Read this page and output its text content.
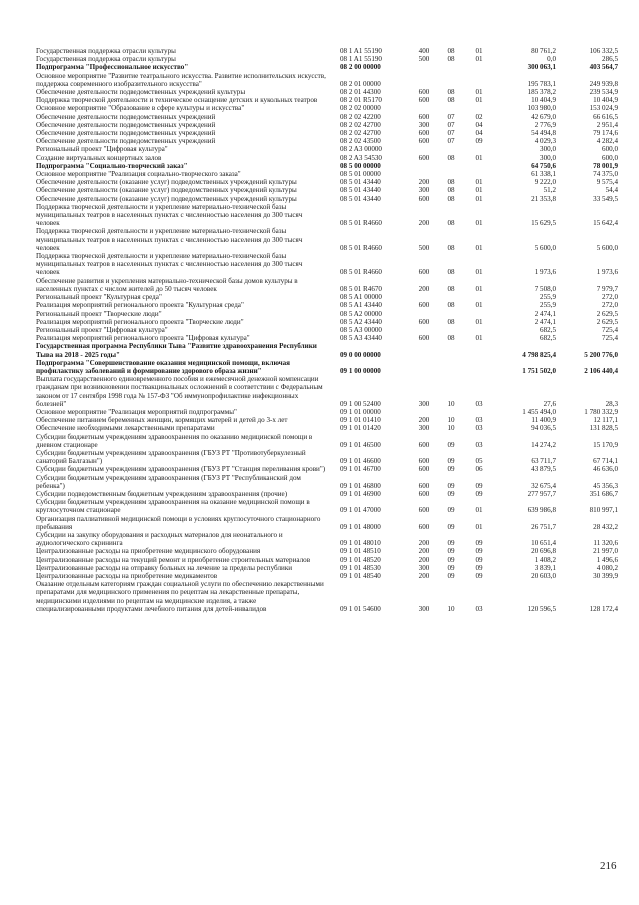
Государственная поддержка отрасли культуры	08 1 A1 55190	400	08	01	80 761,2	106 332,5
Государственная поддержка отрасли культуры	08 1 A1 55190	500	08	01	0,0	286,5
Подпрограмма "Профессиональное искусство"	08 2 00 00000				300 063,1	403 564,7
Основное мероприятие "Развитие театрального искусства. Развитие исполнительских искусств, поддержка современного изобразительного искусства"	08 2 01 00000				195 783,1	249 939,8
Обеспечение деятельности подведомственных учреждений культуры	08 2 01 44300	600	08	01	185 378,2	239 534,9
Поддержка творческой деятельности и техническое оснащение детских и кукольных театров	08 2 01 R5170	600	08	01	10 404,9	10 404,9
Основное мероприятие "Образование в сфере культуры и искусства"	08 2 02 00000				103 980,0	153 024,9
Обеспечение деятельности подведомственных учреждений	08 2 02 42200	600	07	02	42 679,0	66 616,5
Обеспечение деятельности подведомственных учреждений	08 2 02 42700	300	07	04	2 776,9	2 951,4
Обеспечение деятельности подведомственных учреждений	08 2 02 42700	600	07	04	54 494,8	79 174,6
Обеспечение деятельности подведомственных учреждений	08 2 02 43500	600	07	09	4 029,3	4 282,4
Региональный проект "Цифровая культура"	08 2 A3 00000				300,0	600,0
Создание виртуальных концертных залов	08 2 A3 54530	600	08	01	300,0	600,0
Подпрограмма "Социально-творческий заказ"	08 5 00 00000				64 750,6	78 001,9
Основное мероприятие "Реализация социально-творческого заказа"	08 5 01 00000				61 338,1	74 375,0
Обеспечение деятельности (оказание услуг) подведомственных учреждений культуры	08 5 01 43440	200	08	01	9 222,0	9 575,4
Обеспечение деятельности (оказание услуг) подведомственных учреждений культуры	08 5 01 43440	300	08	01	51,2	54,4
Обеспечение деятельности (оказание услуг) подведомственных учреждений культуры	08 5 01 43440	600	08	01	21 353,8	33 549,5
Поддержка творческой деятельности и укрепление материально-технической базы муниципальных театров в населенных пунктах с численностью населения до 300 тысяч человек	08 5 01 R4660	200	08	01	15 629,5	15 642,4
Поддержка творческой деятельности и укрепление материально-технической базы муниципальных театров в населенных пунктах с численностью населения до 300 тысяч человек	08 5 01 R4660	500	08	01	5 600,0	5 600,0
Поддержка творческой деятельности и укрепление материально-технической базы муниципальных театров в населенных пунктах с численностью населения до 300 тысяч человек	08 5 01 R4660	600	08	01	1 973,6	1 973,6
Обеспечение развития и укрепления материально-технической базы домов культуры в населенных пунктах с числом жителей до 50 тысяч человек	08 5 01 R4670	200	08	01	7 508,0	7 979,7
Региональный проект "Культурная среда"	08 5 A1 00000				255,9	272,0
Реализация мероприятий регионального проекта "Культурная среда"	08 5 A1 43440	600	08	01	255,9	272,0
Региональный проект "Творческие люди"	08 5 A2 00000				2 474,1	2 629,5
Реализация мероприятий регионального проекта "Творческие люди"	08 5 A2 43440	600	08	01	2 474,1	2 629,5
Региональный проект "Цифровая культура"	08 5 A3 00000				682,5	725,4
Реализация мероприятий регионального проекта "Цифровая культура"	08 5 A3 43440	600	08	01	682,5	725,4
Государственная программа Республики Тыва "Развитие здравоохранения Республики Тыва на 2018 - 2025 годы"	09 0 00 00000				4 798 825,4	5 200 776,0
Подпрограмма "Совершенствование оказания медицинской помощи, включая профилактику заболеваний и формирование здорового образа жизни"	09 1 00 00000				1 751 502,0	2 106 440,4
Выплата государственного единовременного пособия и ежемесячной денежной компенсации гражданам при возникновении поствакцинальных осложнений в соответствии с Федеральным законом от 17 сентября 1998 года № 157-ФЗ "Об иммунопрофилактике инфекционных болезней"	09 1 00 52400	300	10	03	27,6	28,3
Основное мероприятие "Реализация мероприятий подпрограммы"	09 1 01 00000				1 455 494,0	1 780 332,9
Обеспечение питанием беременных женщин, кормящих матерей и детей до 3-х лет	09 1 01 01410	200	10	03	11 400,9	12 117,1
Обеспечение необходимыми лекарственными препаратами	09 1 01 01420	300	10	03	94 036,5	131 828,5
Субсидии бюджетным учреждениям здравоохранения по оказанию медицинской помощи в дневном стационаре	09 1 01 46500	600	09	03	14 274,2	15 170,9
Субсидии бюджетным учреждениям здравоохранения (ГБУЗ РТ "Противотуберкулезный санаторий Балгазын")	09 1 01 46600	600	09	05	63 711,7	67 714,1
Субсидии бюджетным учреждениям здравоохранения (ГБУЗ РТ "Станция переливания крови")	09 1 01 46700	600	09	06	43 879,5	46 636,0
Субсидии бюджетным учреждениям здравоохранения (ГБУЗ РТ "Республиканский дом ребенка")	09 1 01 46800	600	09	09	32 675,4	45 356,3
Субсидии подведомственным бюджетным учреждениям здравоохранения (прочие)	09 1 01 46900	600	09	09	277 957,7	351 686,7
Субсидии бюджетным учреждениям здравоохранения на оказание медицинской помощи в круглосуточном стационаре	09 1 01 47000	600	09	01	639 986,8	810 997,1
Организация паллиативной медицинской помощи в условиях круглосуточного стационарного пребывания	09 1 01 48000	600	09	01	26 751,7	28 432,2
Субсидии на закупку оборудования и расходных материалов для неонатального и аудиологического скрининга	09 1 01 48010	200	09	09	10 651,4	11 320,6
Централизованные расходы на приобретение медицинского оборудования	09 1 01 48510	200	09	09	20 696,8	21 997,0
Централизованные расходы на текущий ремонт и приобретение строительных материалов	09 1 01 48520	200	09	09	1 408,2	1 496,6
Централизованные расходы на отправку больных на лечение за пределы республики	09 1 01 48530	300	09	09	3 839,1	4 080,2
Централизованные расходы на приобретение медикаментов	09 1 01 48540	200	09	09	20 603,0	30 399,9
Оказание отдельным категориям граждан социальной услуги по обеспечению лекарственными препаратами для медицинского применения по рецептам на лекарственные препараты, медицинскими изделиями по рецептам на медицинские изделия, а также специализированными продуктами лечебного питания для детей-инвалидов	09 1 01 54600	300	10	03	120 596,5	128 172,4
216
